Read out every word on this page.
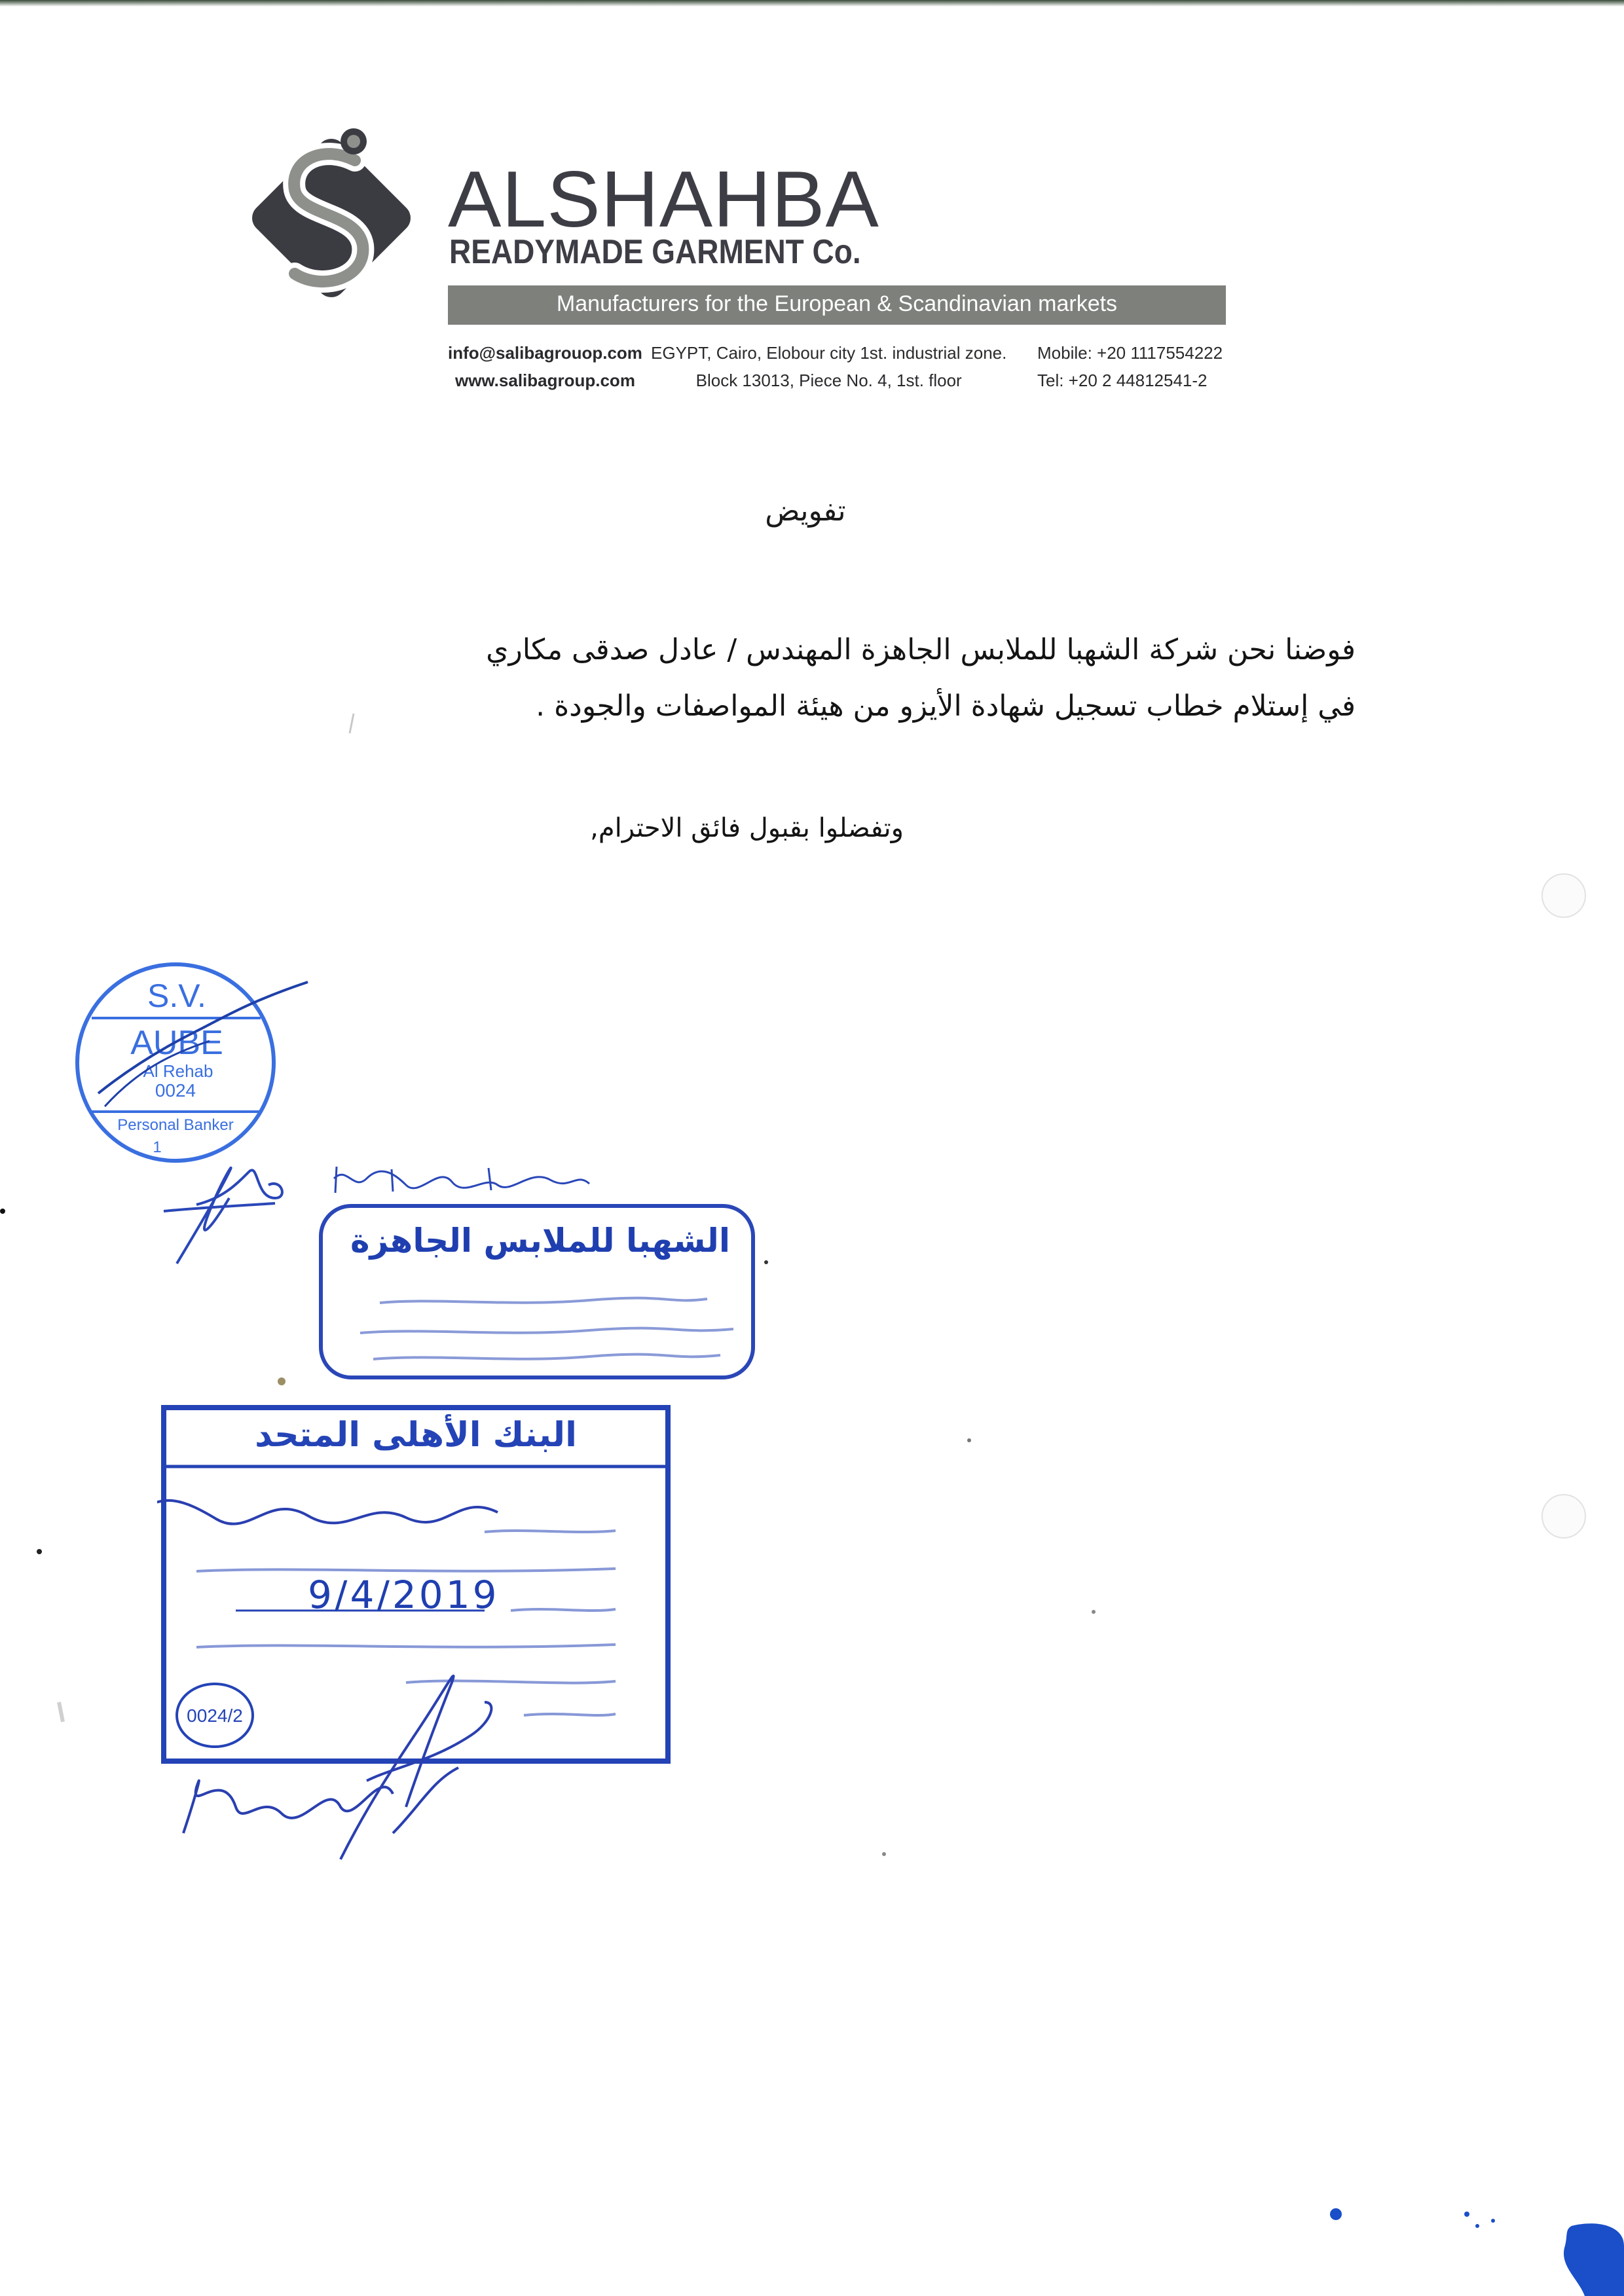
ALSHAHBA
READYMADE GARMENT Co.
Manufacturers for the European & Scandinavian markets
info@salibagrouop.com
www.salibagroup.com
EGYPT, Cairo, Elobour city 1st. industrial zone.
Block 13013, Piece No. 4, 1st. floor
Mobile: +20 1117554222
Tel: +20 2 44812541-2
تفويض
فوضنا نحن شركة الشهبا للملابس الجاهزة المهندس / عادل صدقى مكاري
في إستلام خطاب تسجيل شهادة الأيزو من هيئة المواصفات والجودة .
وتفضلوا بقبول فائق الاحترام,
S.V.
AUBE
Al Rehab
0024
Personal Banker
1
الشهبا للملابس الجاهزة
البنك الأهلى المتحد
9/4/2019
0024/2
